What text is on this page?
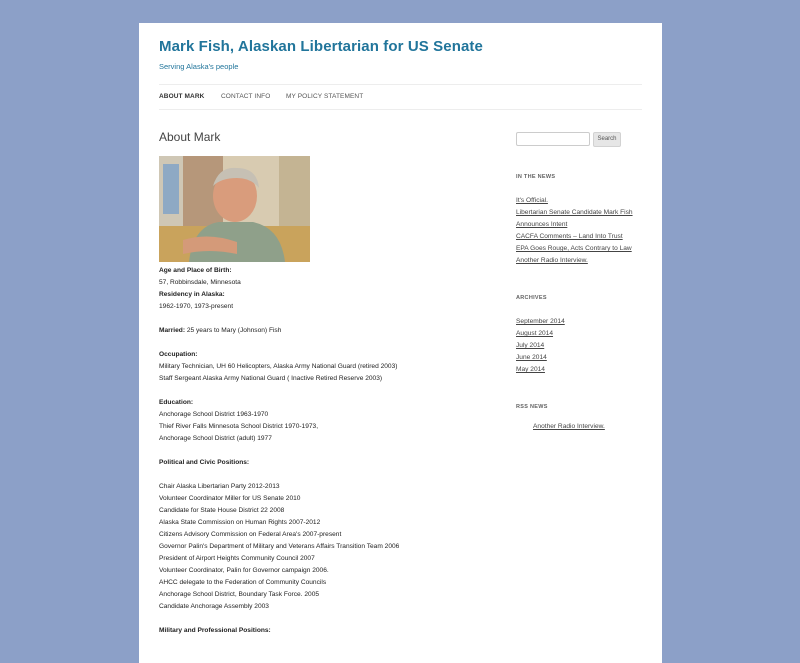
Mark Fish, Alaskan Libertarian for US Senate
Serving Alaska's people
ABOUT MARK	CONTACT INFO MY POLICY STATEMENT
About Mark
Age and Place of Birth:
57, Robbinsdale, Minnesota
Residency in Alaska:
1962-1970, 1973-present
Married: 25 years to Mary (Johnson) Fish
Occupation:
Military Technician, UH 60 Helicopters, Alaska Army National Guard (retired 2003)
Staff Sergeant Alaska Army National Guard ( Inactive Retired Reserve 2003)
Education:
Anchorage School District 1963-1970
Thief River Falls Minnesota School District 1970-1973,
Anchorage School District (adult) 1977
Political and Civic Positions:
Chair Alaska Libertarian Party 2012-2013
Volunteer Coordinator Miller for US Senate 2010
Candidate for State House District 22 2008
Alaska State Commission on Human Rights 2007-2012
Citizens Advisory Commission on Federal Area's 2007-present
Governor Palin's Department of Military and Veterans Affairs Transition Team 2006
President of Airport Heights Community Council 2007
Volunteer Coordinator, Palin for Governor campaign 2006.
AHCC delegate to the Federation of Community Councils
Anchorage School District, Boundary Task Force. 2005
Candidate Anchorage Assembly 2003
Military and Professional Positions:
Search
IN THE NEWS
It's Official.
Libertarian Senate Candidate Mark Fish
Announces Intent
CACFA Comments – Land Into Trust
EPA Goes Rouge, Acts Contrary to Law
Another Radio Interview.
ARCHIVES
September 2014
August 2014
July 2014
June 2014
May 2014
RSS NEWS
Another Radio Interview.
